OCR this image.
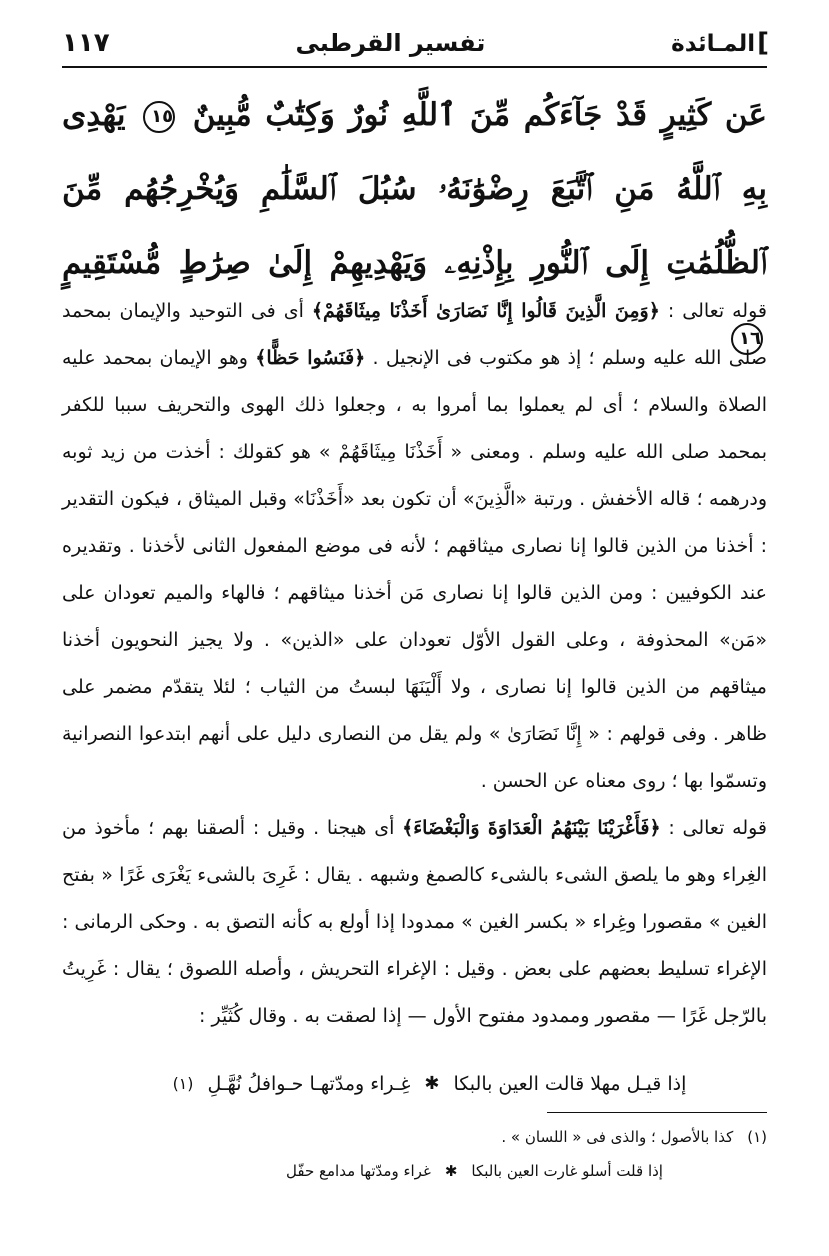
]المـائدة
تفسير القرطبى
١١٧
عَن كَثِيرٍ قَدْ جَآءَكُم مِّنَ ٱللَّهِ نُورٌ وَكِتَٰبٌ مُّبِينٌ ١٥ يَهْدِى بِهِ ٱللَّهُ مَنِ ٱتَّبَعَ رِضْوَٰنَهُۥ سُبُلَ ٱلسَّلَٰمِ وَيُخْرِجُهُم مِّنَ ٱلظُّلُمَٰتِ إِلَى ٱلنُّورِ بِإِذْنِهِۦ وَيَهْدِيهِمْ إِلَىٰ صِرَٰطٍ مُّسْتَقِيمٍ ١٦

قوله تعالى : ﴿وَمِنَ الَّذِينَ قَالُوا إِنَّا نَصَارَىٰ أَخَذْنَا مِيثَاقَهُمْ﴾ أى فى التوحيد والإيمان بمحمد صلى الله عليه وسلم ؛ إذ هو مكتوب فى الإنجيل . ﴿فَنَسُوا حَظًّا﴾ وهو الإيمان بمحمد عليه الصلاة والسلام ؛ أى لم يعملوا بما أمروا به ، وجعلوا ذلك الهوى والتحريف سببا للكفر بمحمد صلى الله عليه وسلم . ومعنى « أَخَذْنَا مِيثَاقَهُمْ » هو كقولك : أخذت من زيد ثوبه ودرهمه ؛ قاله الأخفش . ورتبة «الَّذِينَ» أن تكون بعد «أَخَذْنَا» وقبل الميثاق ، فيكون التقدير : أخذنا من الذين قالوا إنا نصارى ميثاقهم ؛ لأنه فى موضع المفعول الثانى لأخذنا . وتقديره عند الكوفيين : ومن الذين قالوا إنا نصارى مَن أخذنا ميثاقهم ؛ فالهاء والميم تعودان على «مَن» المحذوفة ، وعلى القول الأوّل تعودان على «الذين» . ولا يجيز النحويون أخذنا ميثاقهم من الذين قالوا إنا نصارى ، ولا أَلْيَنَهَا لبستُ من الثياب ؛ لئلا يتقدّم مضمر على ظاهر . وفى قولهم : « إِنَّا نَصَارَىٰ » ولم يقل من النصارى دليل على أنهم ابتدعوا النصرانية وتسمّوا بها ؛ روى معناه عن الحسن .

قوله تعالى : ﴿فَأَغْرَيْنَا بَيْنَهُمُ الْعَدَاوَةَ وَالْبَغْضَاءَ﴾ أى هيجنا . وقيل : ألصقنا بهم ؛ مأخوذ من الغِراء وهو ما يلصق الشىء بالشىء كالصمغ وشبهه . يقال : غَرِىَ بالشىء يَغْرَى غَرًا « بفتح الغين » مقصورا وغِراء « بكسر الغين » ممدودا إذا أولع به كأنه التصق به . وحكى الرمانى : الإغراء تسليط بعضهم على بعض . وقيل : الإغراء التحريش ، وأصله اللصوق ؛ يقال : غَرِيتُ بالرّجل غَرًا — مقصور وممدود مفتوح الأول — إذا لصقت به . وقال كُثَيِّر :

إذا قيـل مهلا قالت العين بالبكا
✱
غِـراء ومدّتهـا حـوافلُ نُهَّـلِ
(١)
(١)
كذا بالأصول ؛ والذى فى « اللسان » .
إذا قلت أسلو غارت العين بالبكا
✱
غراء ومدّتها مدامع حفّل
